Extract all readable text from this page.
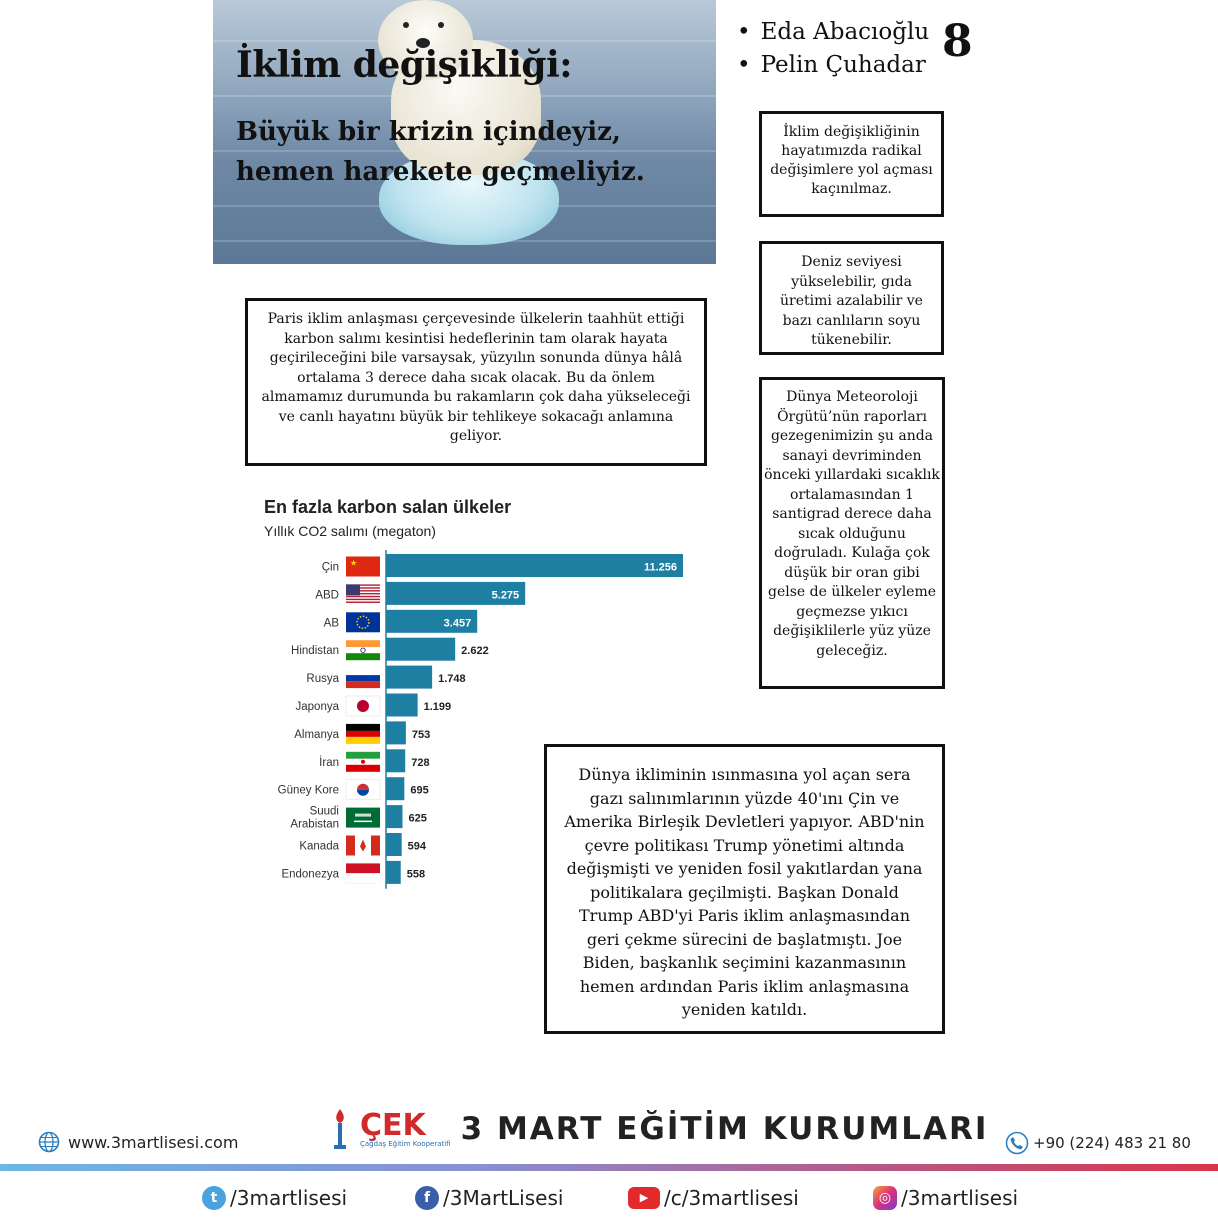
İklim değişikliği:
Büyük bir krizin içindeyiz,
hemen harekete geçmeliyiz.
• Eda Abacıoğlu
• Pelin Çuhadar 8
İklim değişikliğinin hayatımızda radikal değişimlere yol açması kaçınılmaz.
Deniz seviyesi yükselebilir, gıda üretimi azalabilir ve bazı canlıların soyu tükenebilir.
Dünya Meteoroloji Örgütü’nün raporları gezegenimizin şu anda sanayi devriminden önceki yıllardaki sıcaklık ortalamasından 1 santigrad derece daha sıcak olduğunu doğruladı. Kulağa çok düşük bir oran gibi gelse de ülkeler eyleme geçmezse yıkıcı değişiklilerle yüz yüze geleceğiz.
Paris iklim anlaşması çerçevesinde ülkelerin taahhüt ettiği karbon salımı kesintisi hedeflerinin tam olarak hayata geçirileceğini bile varsaysak, yüzyılın sonunda dünya hâlâ ortalama 3 derece daha sıcak olacak. Bu da önlem almamamız durumunda bu rakamların çok daha yükseleceği ve canlı hayatını büyük bir tehlikeye sokacağı anlamına geliyor.
Dünya ikliminin ısınmasına yol açan sera gazı salınımlarının yüzde 40'ını Çin ve Amerika Birleşik Devletleri yapıyor. ABD'nin çevre politikası Trump yönetimi altında değişmişti ve yeniden fosil yakıtlardan yana politikalara geçilmişti. Başkan Donald Trump ABD'yi Paris iklim anlaşmasından geri çekme sürecini de başlatmıştı. Joe Biden, başkanlık seçimini kazanmasının hemen ardından Paris iklim anlaşmasına yeniden katıldı.
En fazla karbon salan ülkeler
Yıllık CO2 salımı (megaton)
Çin ★	11.256
ABD	5.275
AB	3.457
Hindistan	2.622
Rusya	1.748
Japonya	1.199
Almanya	753
İran	728
Güney Kore	695
Suudi
Arabistan	625
Kanada	594
Endonezya	558
www.3martlisesi.com	ÇEK
Çağdaş Eğitim Kooperatifi 3 MART EĞİTİM KURUMLARI	+90 (224) 483 21 80
t /3martlisesi	f /3MartLisesi	▶ /c/3martlisesi	◎ /3martlisesi
